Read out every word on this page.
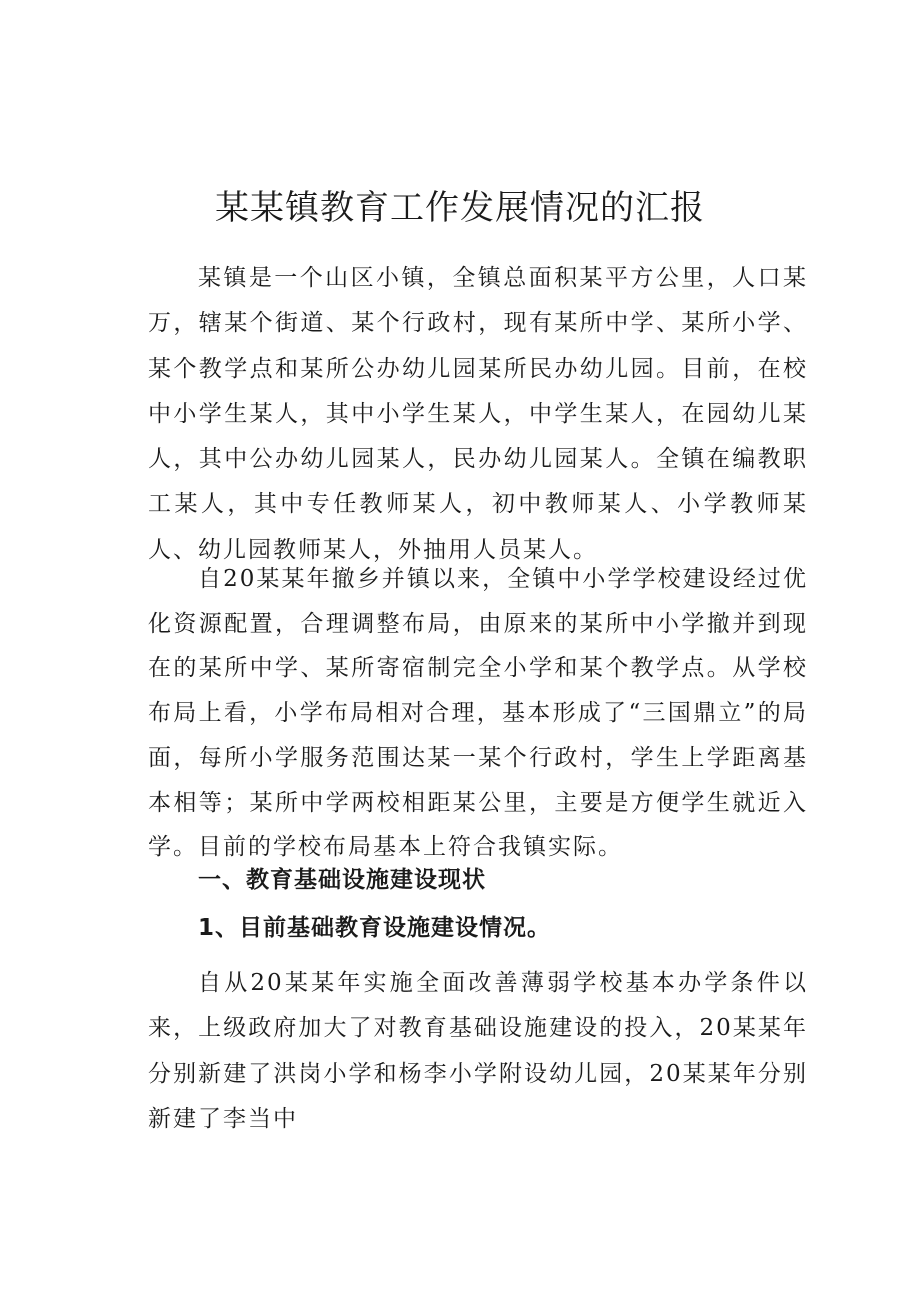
某某镇教育工作发展情况的汇报

某镇是一个山区小镇，全镇总面积某平方公里，人口某万，辖某个街道、某个行政村，现有某所中学、某所小学、某个教学点和某所公办幼儿园某所民办幼儿园。目前，在校中小学生某人，其中小学生某人，中学生某人，在园幼儿某人，其中公办幼儿园某人，民办幼儿园某人。全镇在编教职工某人，其中专任教师某人，初中教师某人、小学教师某人、幼儿园教师某人，外抽用人员某人。

自20某某年撤乡并镇以来，全镇中小学学校建设经过优化资源配置，合理调整布局，由原来的某所中小学撤并到现在的某所中学、某所寄宿制完全小学和某个教学点。从学校布局上看，小学布局相对合理，基本形成了“三国鼎立”的局面，每所小学服务范围达某一某个行政村，学生上学距离基本相等；某所中学两校相距某公里，主要是方便学生就近入学。目前的学校布局基本上符合我镇实际。

一、教育基础设施建设现状
1、目前基础教育设施建设情况。

自从20某某年实施全面改善薄弱学校基本办学条件以来，上级政府加大了对教育基础设施建设的投入，20某某年分别新建了洪岗小学和杨李小学附设幼儿园，20某某年分别新建了李当中
